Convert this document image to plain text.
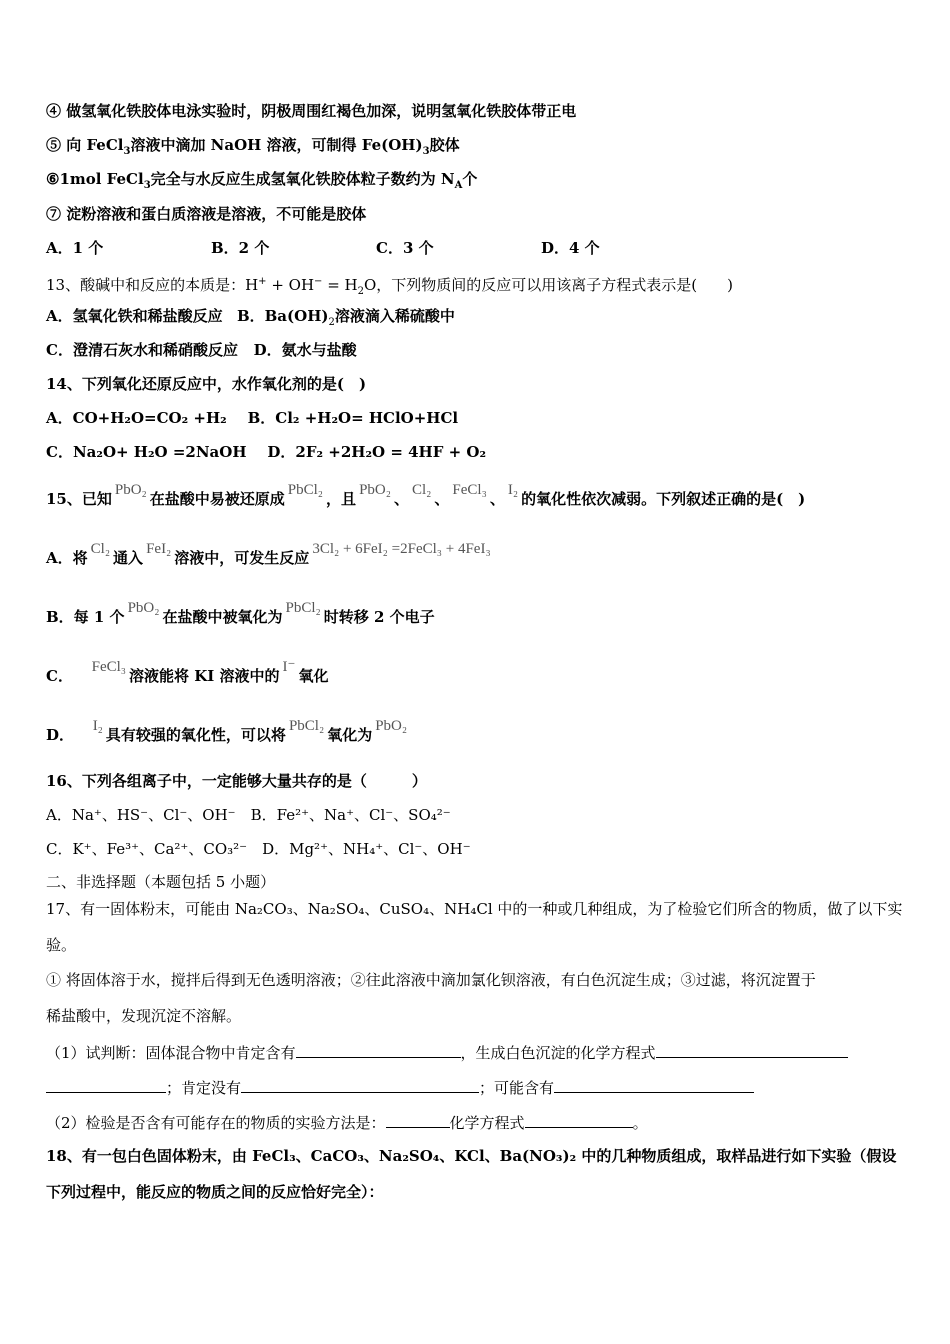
④ 做氢氧化铁胶体电泳实验时，阴极周围红褐色加深，说明氢氧化铁胶体带正电
⑤ 向 FeCl$_3$溶液中滴加 NaOH 溶液，可制得 $Fe(OH)_3$胶体
⑥1mol FeCl$_3$完全与水反应生成氢氧化铁胶体粒子数约为 $N_A$个
⑦ 淀粉溶液和蛋白质溶液是溶液，不可能是胶体
A．1 个	B．2 个	C．3 个	D．4 个
13、酸碱中和反应的本质是：$H^+ + OH^- = H_2O$，下列物质间的反应可以用该离子方程式表示是(　　)
A．氢氧化铁和稀盐酸反应 B．$Ba(OH)_2$溶液滴入稀硫酸中
C．澄清石灰水和稀硝酸反应 D．氨水与盐酸
14、下列氧化还原反应中，水作氧化剂的是(　)
A．CO+H₂O=CO₂ +H₂ B．Cl₂ +H₂O= HClO+HCl
C．Na₂O+ H₂O =2NaOH D．2F₂ +2H₂O = 4HF + O₂
15、已知 PbO₂ 在盐酸中易被还原成 PbCl₂ ，且 PbO₂ 、 Cl₂ 、 FeCl₃ 、 I₂ 的氧化性依次减弱。下列叙述正确的是(　)
A．将 Cl₂ 通入 FeI₂ 溶液中，可发生反应 3Cl₂ + 6FeI₂ =2FeCl₃ + 4FeI₃
B．每 1 个 PbO₂ 在盐酸中被氧化为 PbCl₂ 时转移 2 个电子
C． FeCl₃ 溶液能将 KI 溶液中的 I⁻ 氧化
D． I₂ 具有较强的氧化性，可以将 PbCl₂ 氧化为 PbO₂
16、下列各组离子中，一定能够大量共存的是（　　　）
A．Na⁺、HS⁻、Cl⁻、OH⁻　B．Fe²⁺、Na⁺、Cl⁻、SO₄²⁻
C．K⁺、Fe³⁺、Ca²⁺、CO₃²⁻　D．Mg²⁺、NH₄⁺、Cl⁻、OH⁻
二、非选择题（本题包括 5 小题）
17、有一固体粉末，可能由 Na₂CO₃、Na₂SO₄、CuSO₄、NH₄Cl 中的一种或几种组成，为了检验它们所含的物质，做了以下实
验。
① 将固体溶于水，搅拌后得到无色透明溶液；②往此溶液中滴加氯化钡溶液，有白色沉淀生成；③过滤，将沉淀置于
稀盐酸中，发现沉淀不溶解。
（1）试判断：固体混合物中肯定含有	，生成白色沉淀的化学方程式
；肯定没有	；可能含有
（2）检验是否含有可能存在的物质的实验方法是：	化学方程式	。
18、有一包白色固体粉末，由 FeCl₃、CaCO₃、Na₂SO₄、KCl、Ba(NO₃)₂ 中的几种物质组成，取样品进行如下实验（假设
下列过程中，能反应的物质之间的反应恰好完全）：
